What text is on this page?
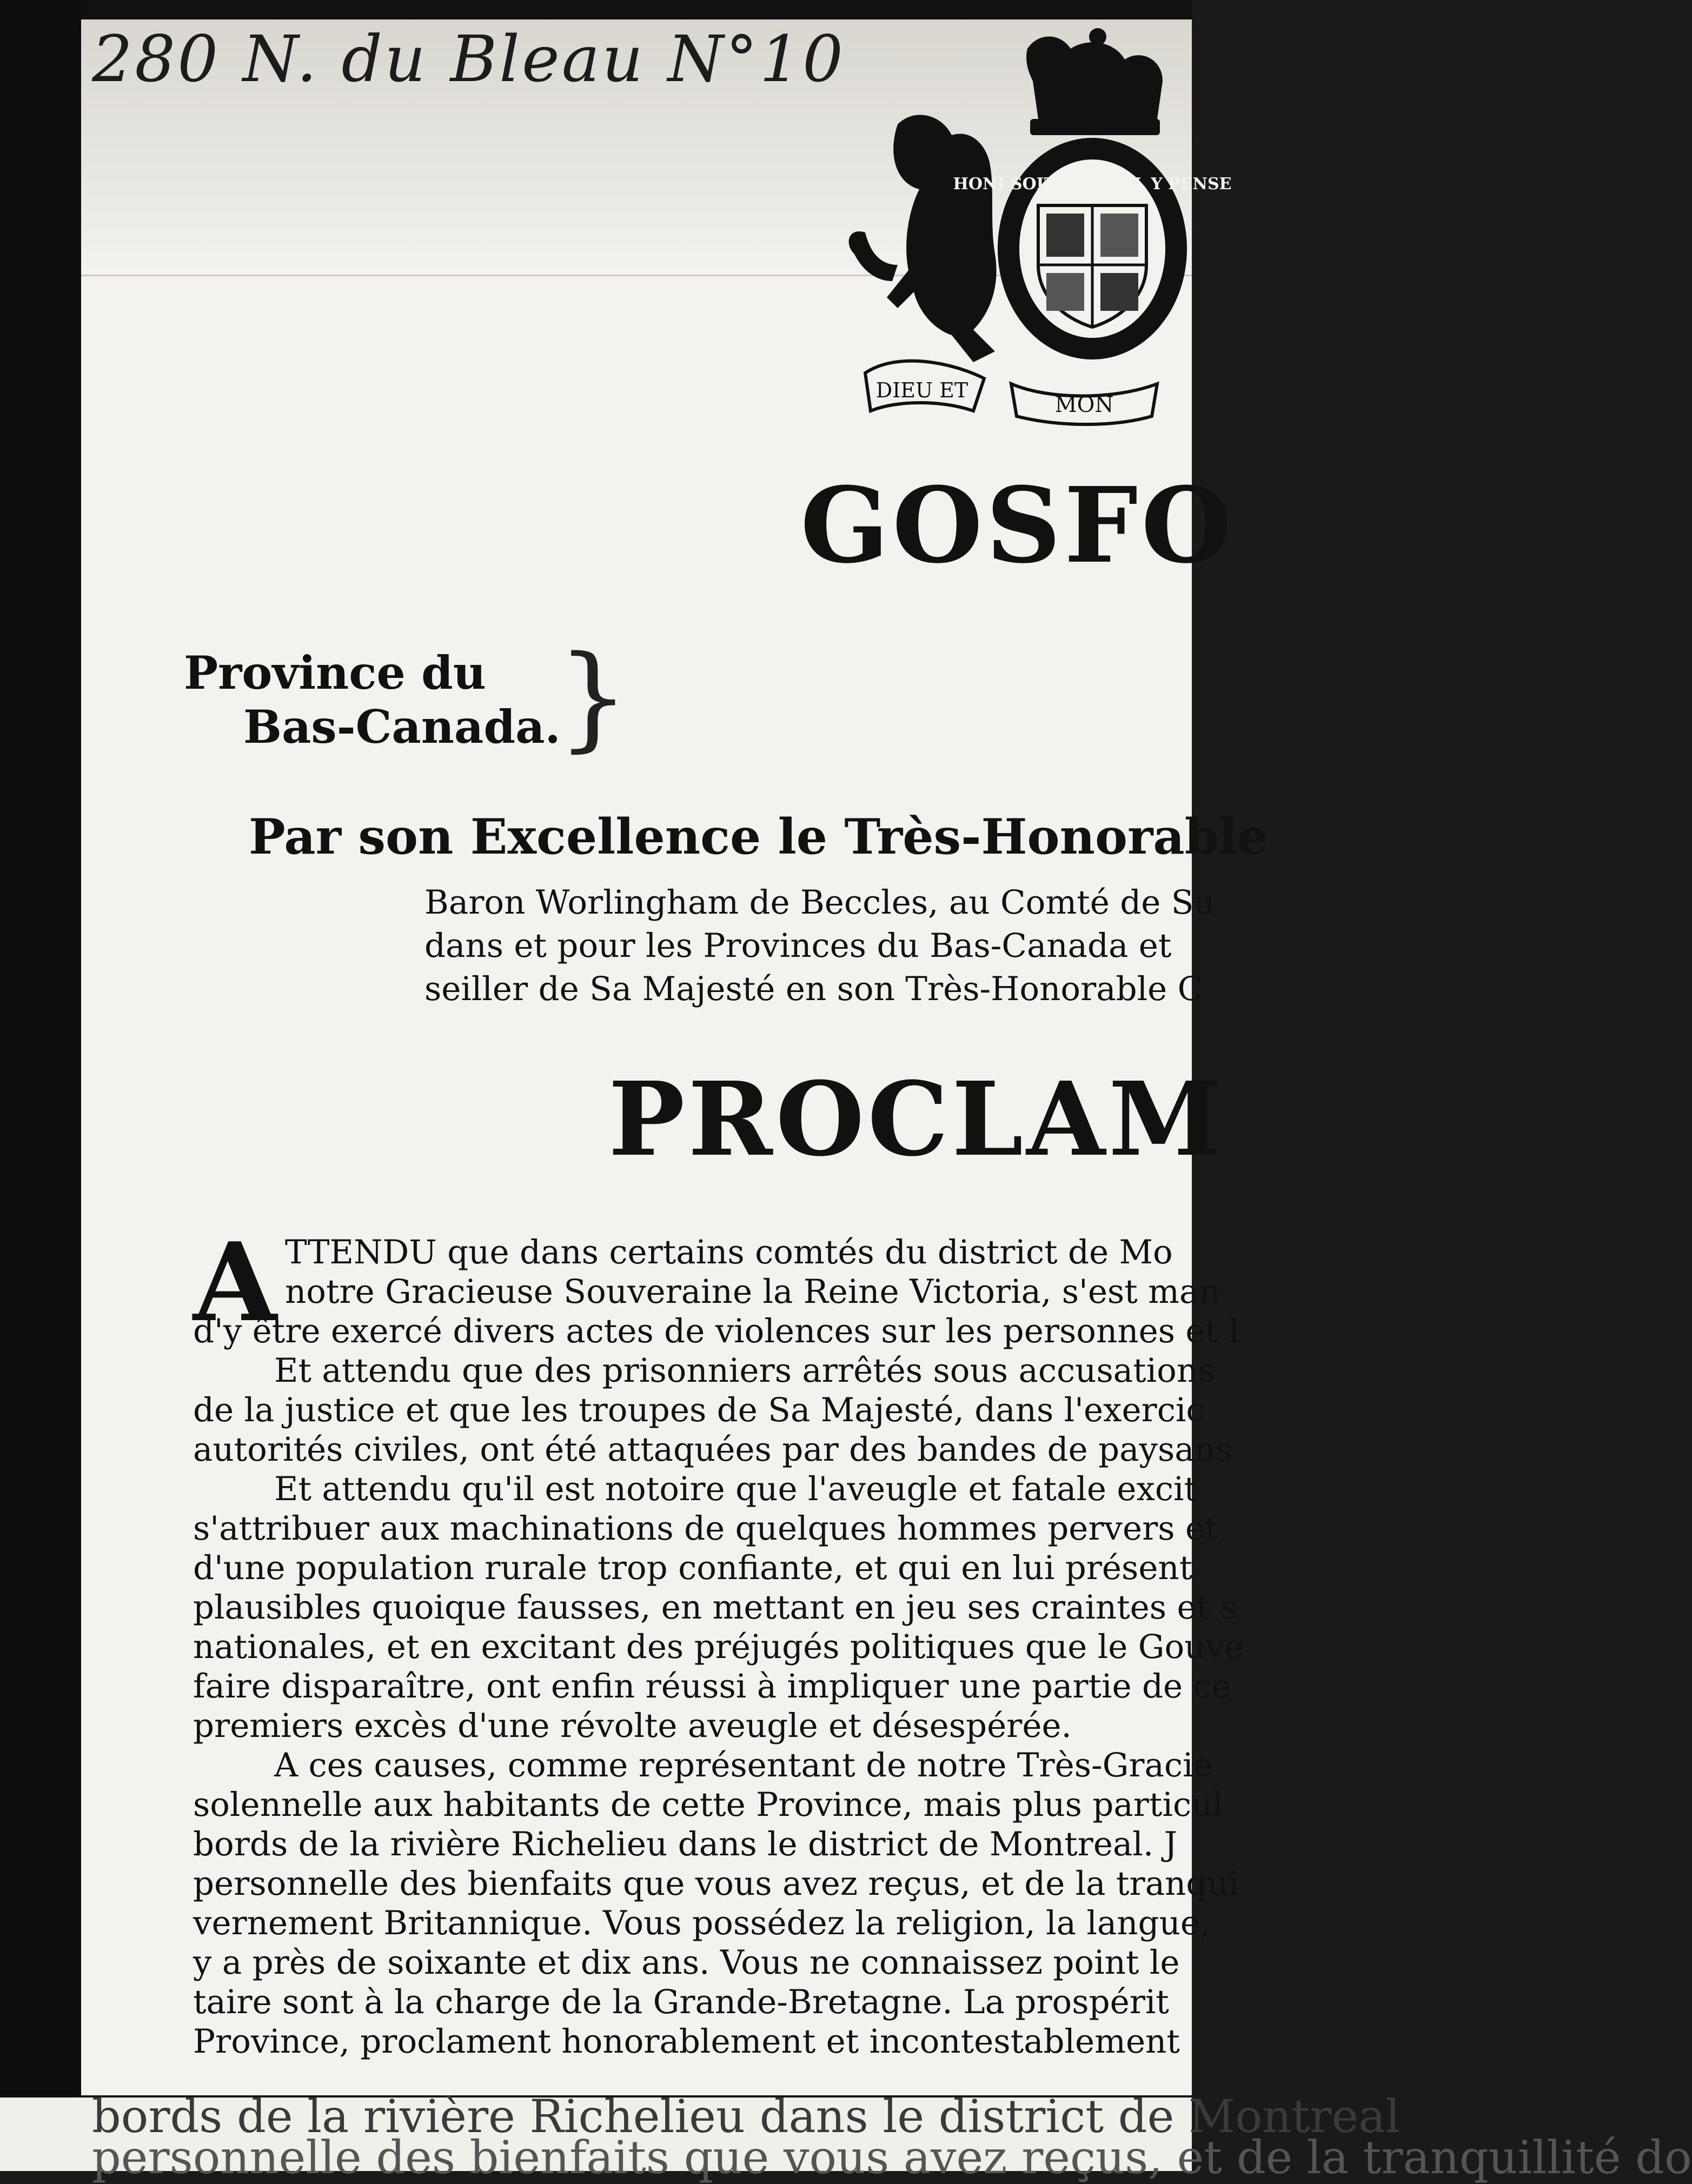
280 N. du Bleau N°10
HONI SOIT QUI MAL Y PENSE
DIEU ET
MON
GOSFO
Province du
Bas-Canada.
}
Par son Excellence le Très-Honorable
Baron Worlingham de Beccles, au Comté de Su
dans et pour les Provinces du Bas-Canada et
seiller de Sa Majesté en son Très-Honorable C
PROCLAM
A TTENDU que dans certains comtés du district de Mo
notre Gracieuse Souveraine la Reine Victoria, s'est man
d'y être exercé divers actes de violences sur les personnes et l
Et attendu que des prisonniers arrêtés sous accusations
de la justice et que les troupes de Sa Majesté, dans l'exercic
autorités civiles, ont été attaquées par des bandes de paysans
Et attendu qu'il est notoire que l'aveugle et fatale excit
s'attribuer aux machinations de quelques hommes pervers et
d'une population rurale trop confiante, et qui en lui présent
plausibles quoique fausses, en mettant en jeu ses craintes et s
nationales, et en excitant des préjugés politiques que le Gouve
faire disparaître, ont enfin réussi à impliquer une partie de ce
premiers excès d'une révolte aveugle et désespérée.
A ces causes, comme représentant de notre Très-Gracie
solennelle aux habitants de cette Province, mais plus particul
bords de la rivière Richelieu dans le district de Montreal. J
personnelle des bienfaits que vous avez reçus, et de la tranqui
vernement Britannique. Vous possédez la religion, la langue,
y a près de soixante et dix ans. Vous ne connaissez point le
taire sont à la charge de la Grande-Bretagne. La prospérit
Province, proclament honorablement et incontestablement
bords de la rivière Richelieu dans le district de Montreal
personnelle des bienfaits que vous avez reçus, et de la tranquillité do
